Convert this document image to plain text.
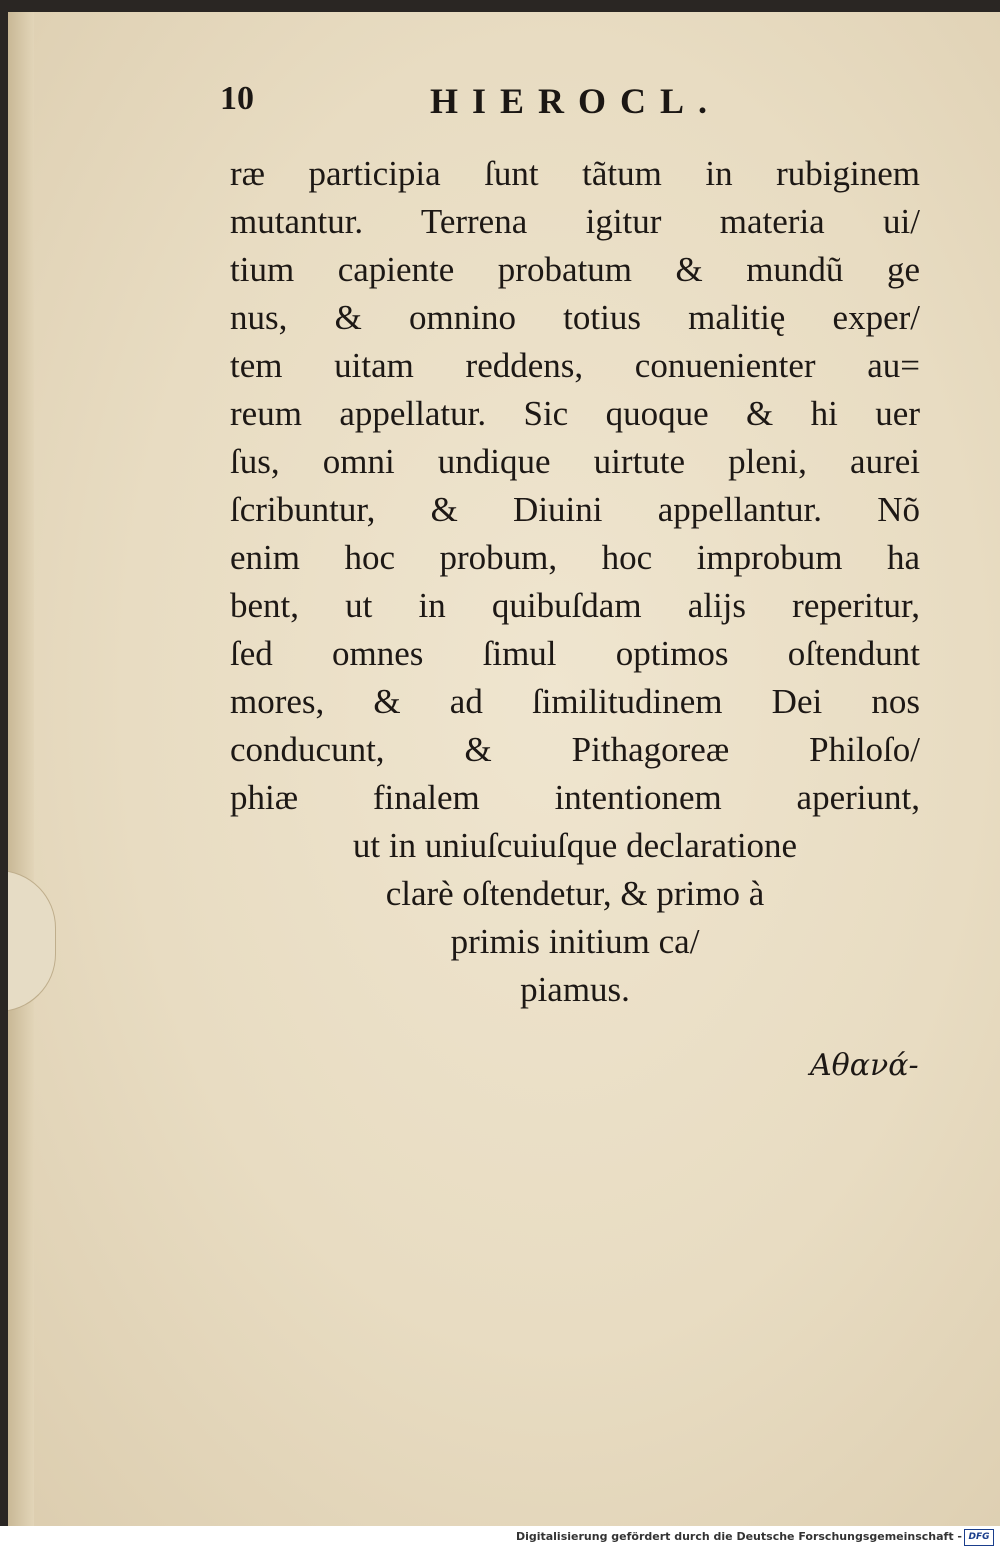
10	HIEROCL.
ræ participia ſunt tãtum in rubiginem
mutantur. Terrena igitur materia ui/
tium capiente probatum & mundũ ge
nus, & omnino totius malitię exper/
tem uitam reddens, conuenienter au=
reum appellatur. Sic quoque & hi uer
ſus, omni undique uirtute pleni, aurei
ſcribuntur, & Diuini appellantur. Nõ
enim hoc probum, hoc improbum ha
bent, ut in quibuſdam alijs reperitur,
ſed omnes ſimul optimos oſtendunt
mores, & ad ſimilitudinem Dei nos
conducunt, & Pithagoreæ Philoſo/
phiæ finalem intentionem aperiunt,
ut in uniuſcuiuſque declaratione
clarè oſtendetur, & primo à
primis initium ca/
piamus.
Αθανά-
Digitalisierung gefördert durch die Deutsche Forschungsgemeinschaft - DFG
